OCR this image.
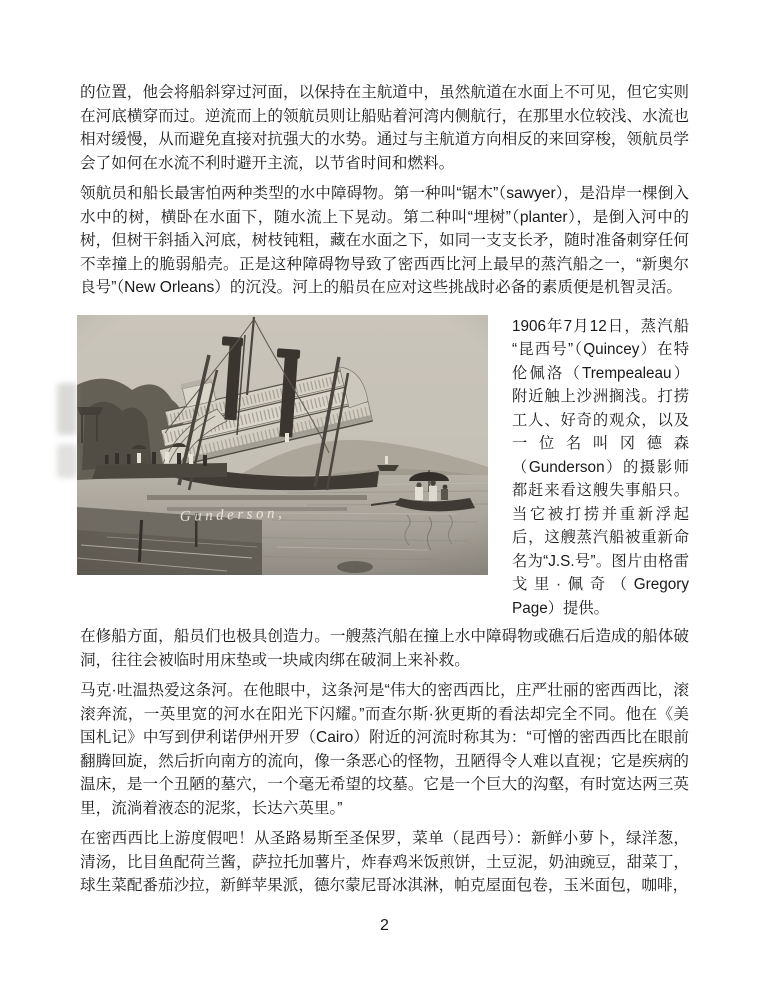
的位置，他会将船斜穿过河面，以保持在主航道中，虽然航道在水面上不可见，但它实则在河底横穿而过。逆流而上的领航员则让船贴着河湾内侧航行，在那里水位较浅、水流也相对缓慢，从而避免直接对抗强大的水势。通过与主航道方向相反的来回穿梭，领航员学会了如何在水流不利时避开主流，以节省时间和燃料。

领航员和船长最害怕两种类型的水中障碍物。第一种叫“锯木”（sawyer），是沿岸一棵倒入水中的树，横卧在水面下，随水流上下晃动。第二种叫“埋树”（planter），是倒入河中的树，但树干斜插入河底，树枝钝粗，藏在水面之下，如同一支支长矛，随时准备刺穿任何不幸撞上的脆弱船壳。正是这种障碍物导致了密西西比河上最早的蒸汽船之一，“新奥尔良号”（New Orleans）的沉没。河上的船员在应对这些挑战时必备的素质便是机智灵活。

1906年7月12日，蒸汽船“昆西号”（Quincey）在特伦佩洛（Trempealeau）附近触上沙洲搁浅。打捞工人、好奇的观众，以及一位名叫冈德森（Gunderson）的摄影师都赶来看这艘失事船只。当它被打捞并重新浮起后，这艘蒸汽船被重新命名为“J.S.号”。图片由格雷戈里·佩奇（Gregory Page）提供。

在修船方面，船员们也极具创造力。一艘蒸汽船在撞上水中障碍物或礁石后造成的船体破洞，往往会被临时用床垫或一块咸肉绑在破洞上来补救。

马克·吐温热爱这条河。在他眼中，这条河是“伟大的密西西比，庄严壮丽的密西西比，滚滚奔流，一英里宽的河水在阳光下闪耀。”而查尔斯·狄更斯的看法却完全不同。他在《美国札记》中写到伊利诺伊州开罗（Cairo）附近的河流时称其为：“可憎的密西西比在眼前翻腾回旋，然后折向南方的流向，像一条恶心的怪物，丑陋得令人难以直视；它是疾病的温床，是一个丑陋的墓穴，一个毫无希望的坟墓。它是一个巨大的沟壑，有时宽达两三英里，流淌着液态的泥浆，长达六英里。”

在密西西比上游度假吧！从圣路易斯至圣保罗，菜单（昆西号）：新鲜小萝卜，绿洋葱，清汤，比目鱼配荷兰酱，萨拉托加薯片，炸春鸡米饭煎饼，土豆泥，奶油豌豆，甜菜丁，球生菜配番茄沙拉，新鲜苹果派，德尔蒙尼哥冰淇淋，帕克屋面包卷，玉米面包，咖啡，

2
